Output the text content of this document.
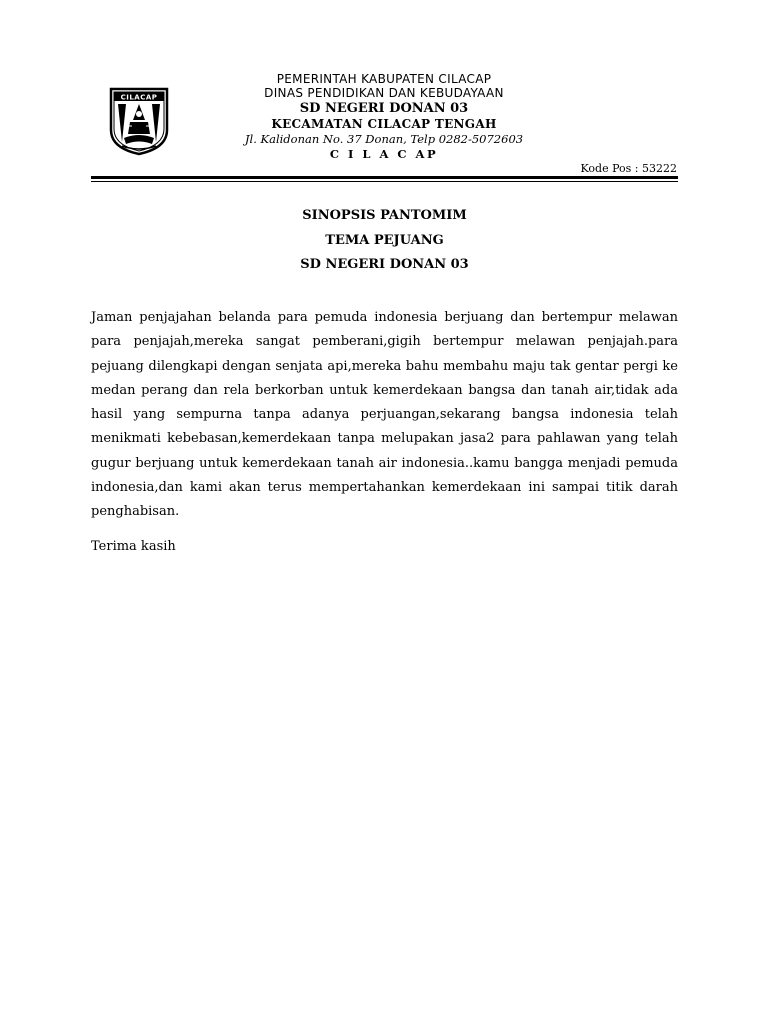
CILACAP
PEMERINTAH KABUPATEN CILACAP
DINAS PENDIDIKAN DAN KEBUDAYAAN
SD NEGERI DONAN 03
KECAMATAN CILACAP TENGAH
Jl. Kalidonan No. 37 Donan, Telp 0282-5072603
C I L A C AP
Kode Pos : 53222
SINOPSIS PANTOMIM
TEMA PEJUANG
SD NEGERI DONAN 03

Jaman penjajahan belanda para pemuda indonesia berjuang dan bertempur melawan para penjajah,mereka sangat pemberani,gigih bertempur melawan penjajah.para pejuang dilengkapi dengan senjata api,mereka bahu membahu maju tak gentar pergi ke medan perang dan rela berkorban untuk kemerdekaan bangsa dan tanah air,tidak ada hasil yang sempurna tanpa adanya perjuangan,sekarang bangsa indonesia telah menikmati kebebasan,kemerdekaan tanpa melupakan jasa2 para pahlawan yang telah gugur berjuang untuk kemerdekaan tanah air indonesia..kamu bangga menjadi pemuda indonesia,dan kami akan terus mempertahankan kemerdekaan ini sampai titik darah penghabisan.

Terima kasih
